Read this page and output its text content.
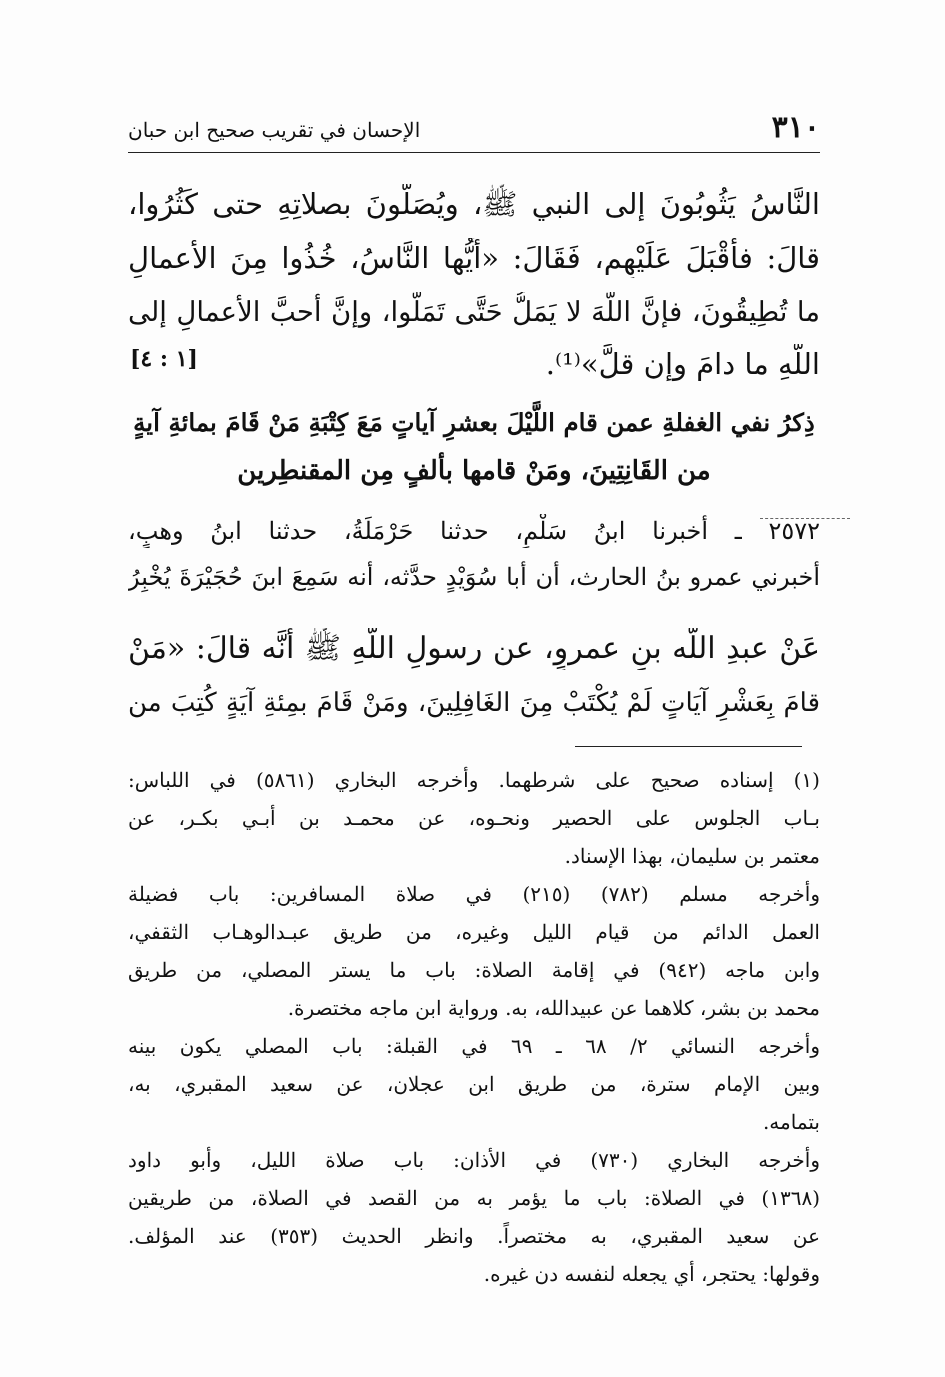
٣١٠
الإحسان في تقريب صحيح ابن حبان
النَّاسُ يَثُوبُونَ إلى النبي ﷺ، ويُصَلُّونَ بصلاتِهِ حتى كَثُرُوا،
قالَ: فأَقْبَلَ عَلَيْهِم، فَقَالَ: «أَيُّها النَّاسُ، خُذُوا مِنَ الأعمالِ
ما تُطِيقُونَ، فإنَّ اللَّهَ لا يَمَلُّ حَتَّى تَمَلُّوا، وإنَّ أحبَّ الأعمالِ إلى
اللَّهِ ما دامَ وإن قلَّ»⁽¹⁾.
[١ : ٤]
ذِكرُ نفي الغفلةِ عمن قام اللَّيْلَ بعشرِ آياتٍ مَعَ كِتْبَةِ مَنْ قَامَ بمائةِ آيةٍ
من القَانِتِينَ، ومَنْ قامها بألفٍ مِن المقنطِرين
٢٥٧٢ ـ أخبرنا ابنُ سَلْمٍ، حدثنا حَرْمَلَةُ، حدثنا ابنُ وهبٍ،
أخبرني عمرو بنُ الحارث، أن أبا سُوَيْدٍ حدَّثه، أنه سَمِعَ ابنَ حُجَيْرَةَ يُخْبِرُ
عَنْ عبدِ اللَّه بنِ عمروٍ، عن رسولِ اللَّهِ ﷺ أنَّه قالَ: «مَنْ
قامَ بِعَشْرِ آيَاتٍ لَمْ يُكْتَبْ مِنَ الغَافِلِينَ، ومَنْ قَامَ بمِئةِ آيَةٍ كُتِبَ من
(١) إسناده صحيح على شرطهما. وأخرجه البخاري (٥٨٦١) في اللباس:
بـاب الجلوس على الحصير ونحـوه، عن محمـد بن أبـي بكـر، عن
معتمر بن سليمان، بهذا الإسناد.
وأخرجه مسلم (٧٨٢) (٢١٥) في صلاة المسافرين: باب فضيلة
العمل الدائم من قيام الليل وغيره، من طريق عبـدالوهـاب الثقفي،
وابن ماجه (٩٤٢) في إقامة الصلاة: باب ما يستر المصلي، من طريق
محمد بن بشر، كلاهما عن عبيدالله، به. ورواية ابن ماجه مختصرة.
وأخرجه النسائي ٢/ ٦٨ ـ ٦٩ في القبلة: باب المصلي يكون بينه
وبين الإمام سترة، من طريق ابن عجلان، عن سعيد المقبري، به،
بتمامه.
وأخرجه البخاري (٧٣٠) في الأذان: باب صلاة الليل، وأبو داود
(١٣٦٨) في الصلاة: باب ما يؤمر به من القصد في الصلاة، من طريقين
عن سعيد المقبري، به مختصراً. وانظر الحديث (٣٥٣) عند المؤلف.
وقولها: يحتجر، أي يجعله لنفسه دن غيره.
